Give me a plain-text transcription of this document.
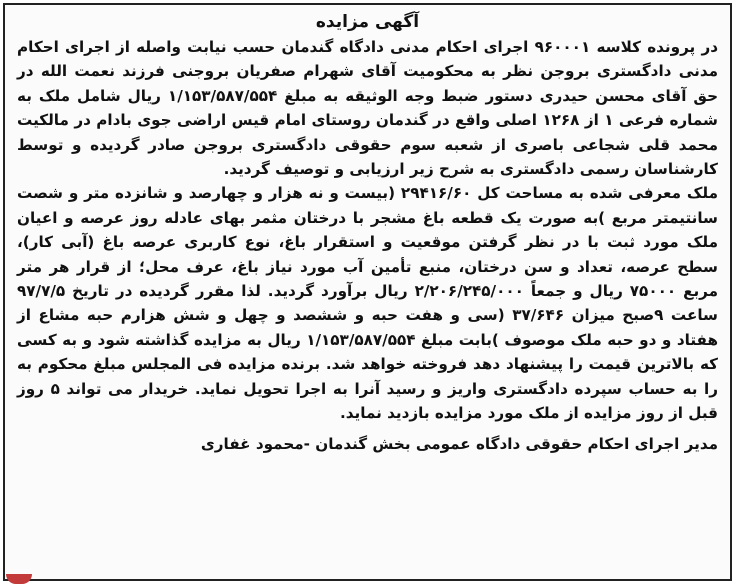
آگهی مزایده

در پرونده کلاسه ۹۶۰۰۰۱ اجرای احکام مدنی دادگاه گندمان حسب نیابت واصله از اجرای احکام مدنی دادگستری بروجن نظر به محکومیت آقای شهرام صفریان بروجنی فرزند نعمت الله در حق آقای محسن حیدری دستور ضبط وجه الوثیقه به مبلغ ۱/۱۵۳/۵۸۷/۵۵۴ ریال شامل ملک به شماره فرعی ۱ از ۱۲۶۸ اصلی واقع در گندمان روستای امام قیس اراضی جوی بادام در مالکیت محمد قلی شجاعی باصری از شعبه سوم حقوقی دادگستری بروجن صادر گردیده و توسط کارشناسان رسمی دادگستری به شرح زیر ارزیابی و توصیف گردید.

ملک معرفی شده به مساحت کل ۲۹۴۱۶/۶۰ (بیست و نه هزار و چهارصد و شانزده متر و شصت سانتیمتر مربع )به صورت یک قطعه باغ مشجر با درختان مثمر بهای عادله روز عرصه و اعیان ملک مورد ثبت با در نظر گرفتن موقعیت و استقرار باغ، نوع کاربری عرصه باغ (آبی کار)، سطح عرصه، تعداد و سن درختان، منبع تأمین آب مورد نیاز باغ، عرف محل؛ از قرار هر متر مربع ۷۵۰۰۰ ریال و جمعاً ۲/۲۰۶/۲۴۵/۰۰۰ ریال برآورد گردید. لذا مقرر گردیده در تاریخ ۹۷/۷/۵ ساعت ۹صبح میزان ۳۷/۶۴۶ (سی و هفت حبه و ششصد و چهل و شش هزارم حبه مشاع از هفتاد و دو حبه ملک موصوف )بابت مبلغ ۱/۱۵۳/۵۸۷/۵۵۴ ریال به مزایده گذاشته شود و به کسی که بالاترین قیمت را پیشنهاد دهد فروخته خواهد شد. برنده مزایده فی المجلس مبلغ محکوم به را به حساب سپرده دادگستری واریز و رسید آنرا به اجرا تحویل نماید. خریدار می تواند ۵ روز قبل از روز مزایده از ملک مورد مزایده بازدید نماید.

مدیر اجرای احکام حقوقی دادگاه عمومی بخش گندمان -محمود غفاری
